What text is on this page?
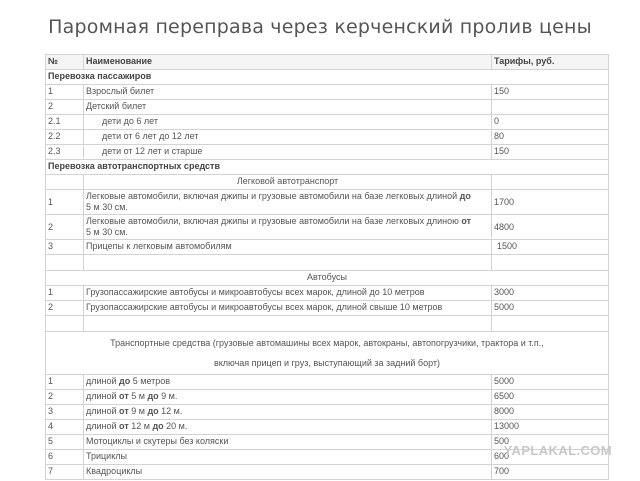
Паромная переправа через керченский пролив цены
№	Наименование	Тарифы, руб.
Перевозка пассажиров		
1	Взрослый билет	150
2	Детский билет	
2.1	дети до 6 лет	0
2.2	дети от 6 лет до 12 лет	80
2.3	дети от 12 лет и старше	150
Перевозка автотранспортных средств		
	Легковой автотранспорт	
1	Легковые автомобили, включая джипы и грузовые автомобили на базе легковых длиной до
5 м 30 см.	1700
2	Легковые автомобили, включая джипы и грузовые автомобили на базе легковых длиною от
5 м 30 см.	4800
3	Прицепы к легковым автомобилям	1500

Автобусы		
1	Грузопассажирские автобусы и микроавтобусы всех марок, длиной до 10 метров	3000
2	Грузопассажирские автобусы и микроавтобусы всех марок, длиной свыше 10 метров	5000

Транспортные средства (грузовые автомашины всех марок, автокраны, автопогрузчики, трактора и т.п.,
включая прицеп и груз, выступающий за задний борт)		
1	длиной до 5 метров	5000
2	длиной от 5 м до 9 м.	6500
3	длиной от 9 м до 12 м.	8000
4	длиной от 12 м до 20 м.	13000
5	Мотоциклы и скутеры без коляски	500
6	Трициклы	600
7	Квадроциклы	700
YAPLAKAL.COM
